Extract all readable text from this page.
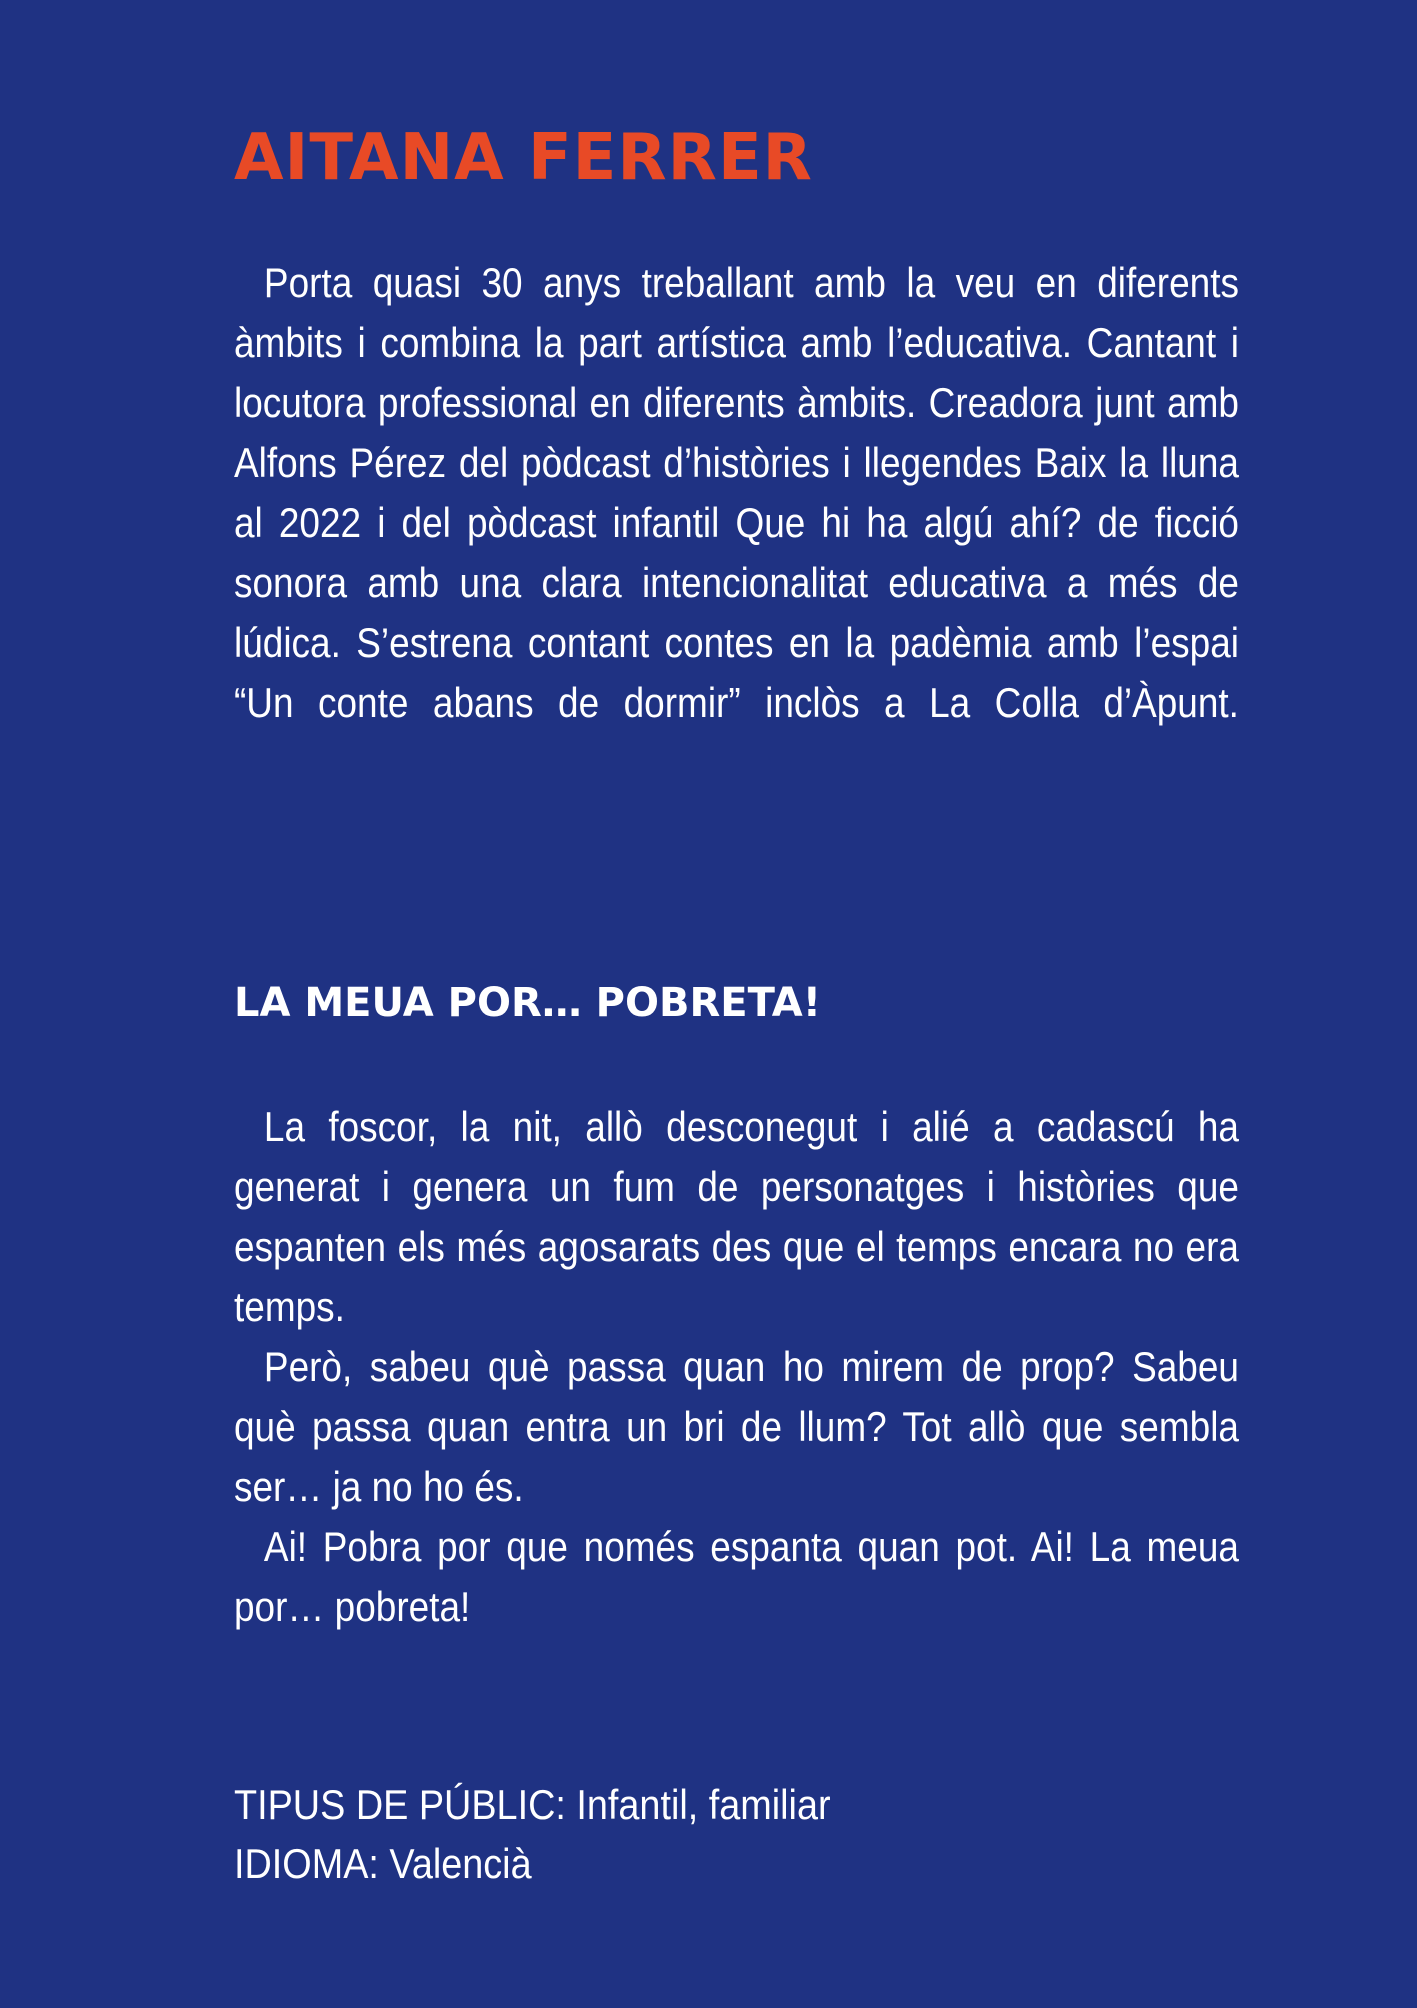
AITANA FERRER

Porta quasi 30 anys treballant amb la veu en diferents àmbits i combina la part artística amb l’educativa. Cantant i locutora professional en diferents àmbits. Creadora junt amb Alfons Pérez del pòdcast d’històries i llegendes Baix la lluna al 2022 i del pòdcast infantil Que hi ha algú ahí? de ficció sonora amb una clara intencionalitat educativa a més de lúdica. S’estrena contant contes en la padèmia amb l’espai “Un conte abans de dormir” inclòs a La Colla d’Àpunt.

LA MEUA POR… POBRETA!

La foscor, la nit, allò desconegut i alié a cadascú ha generat i genera un fum de personatges i històries que espanten els més agosarats des que el temps encara no era temps.

Però, sabeu què passa quan ho mirem de prop? Sabeu què passa quan entra un bri de llum? Tot allò que sembla ser… ja no ho és.

Ai! Pobra por que només espanta quan pot. Ai! La meua por… pobreta!

TIPUS DE PÚBLIC: Infantil, familiar
IDIOMA: Valencià
